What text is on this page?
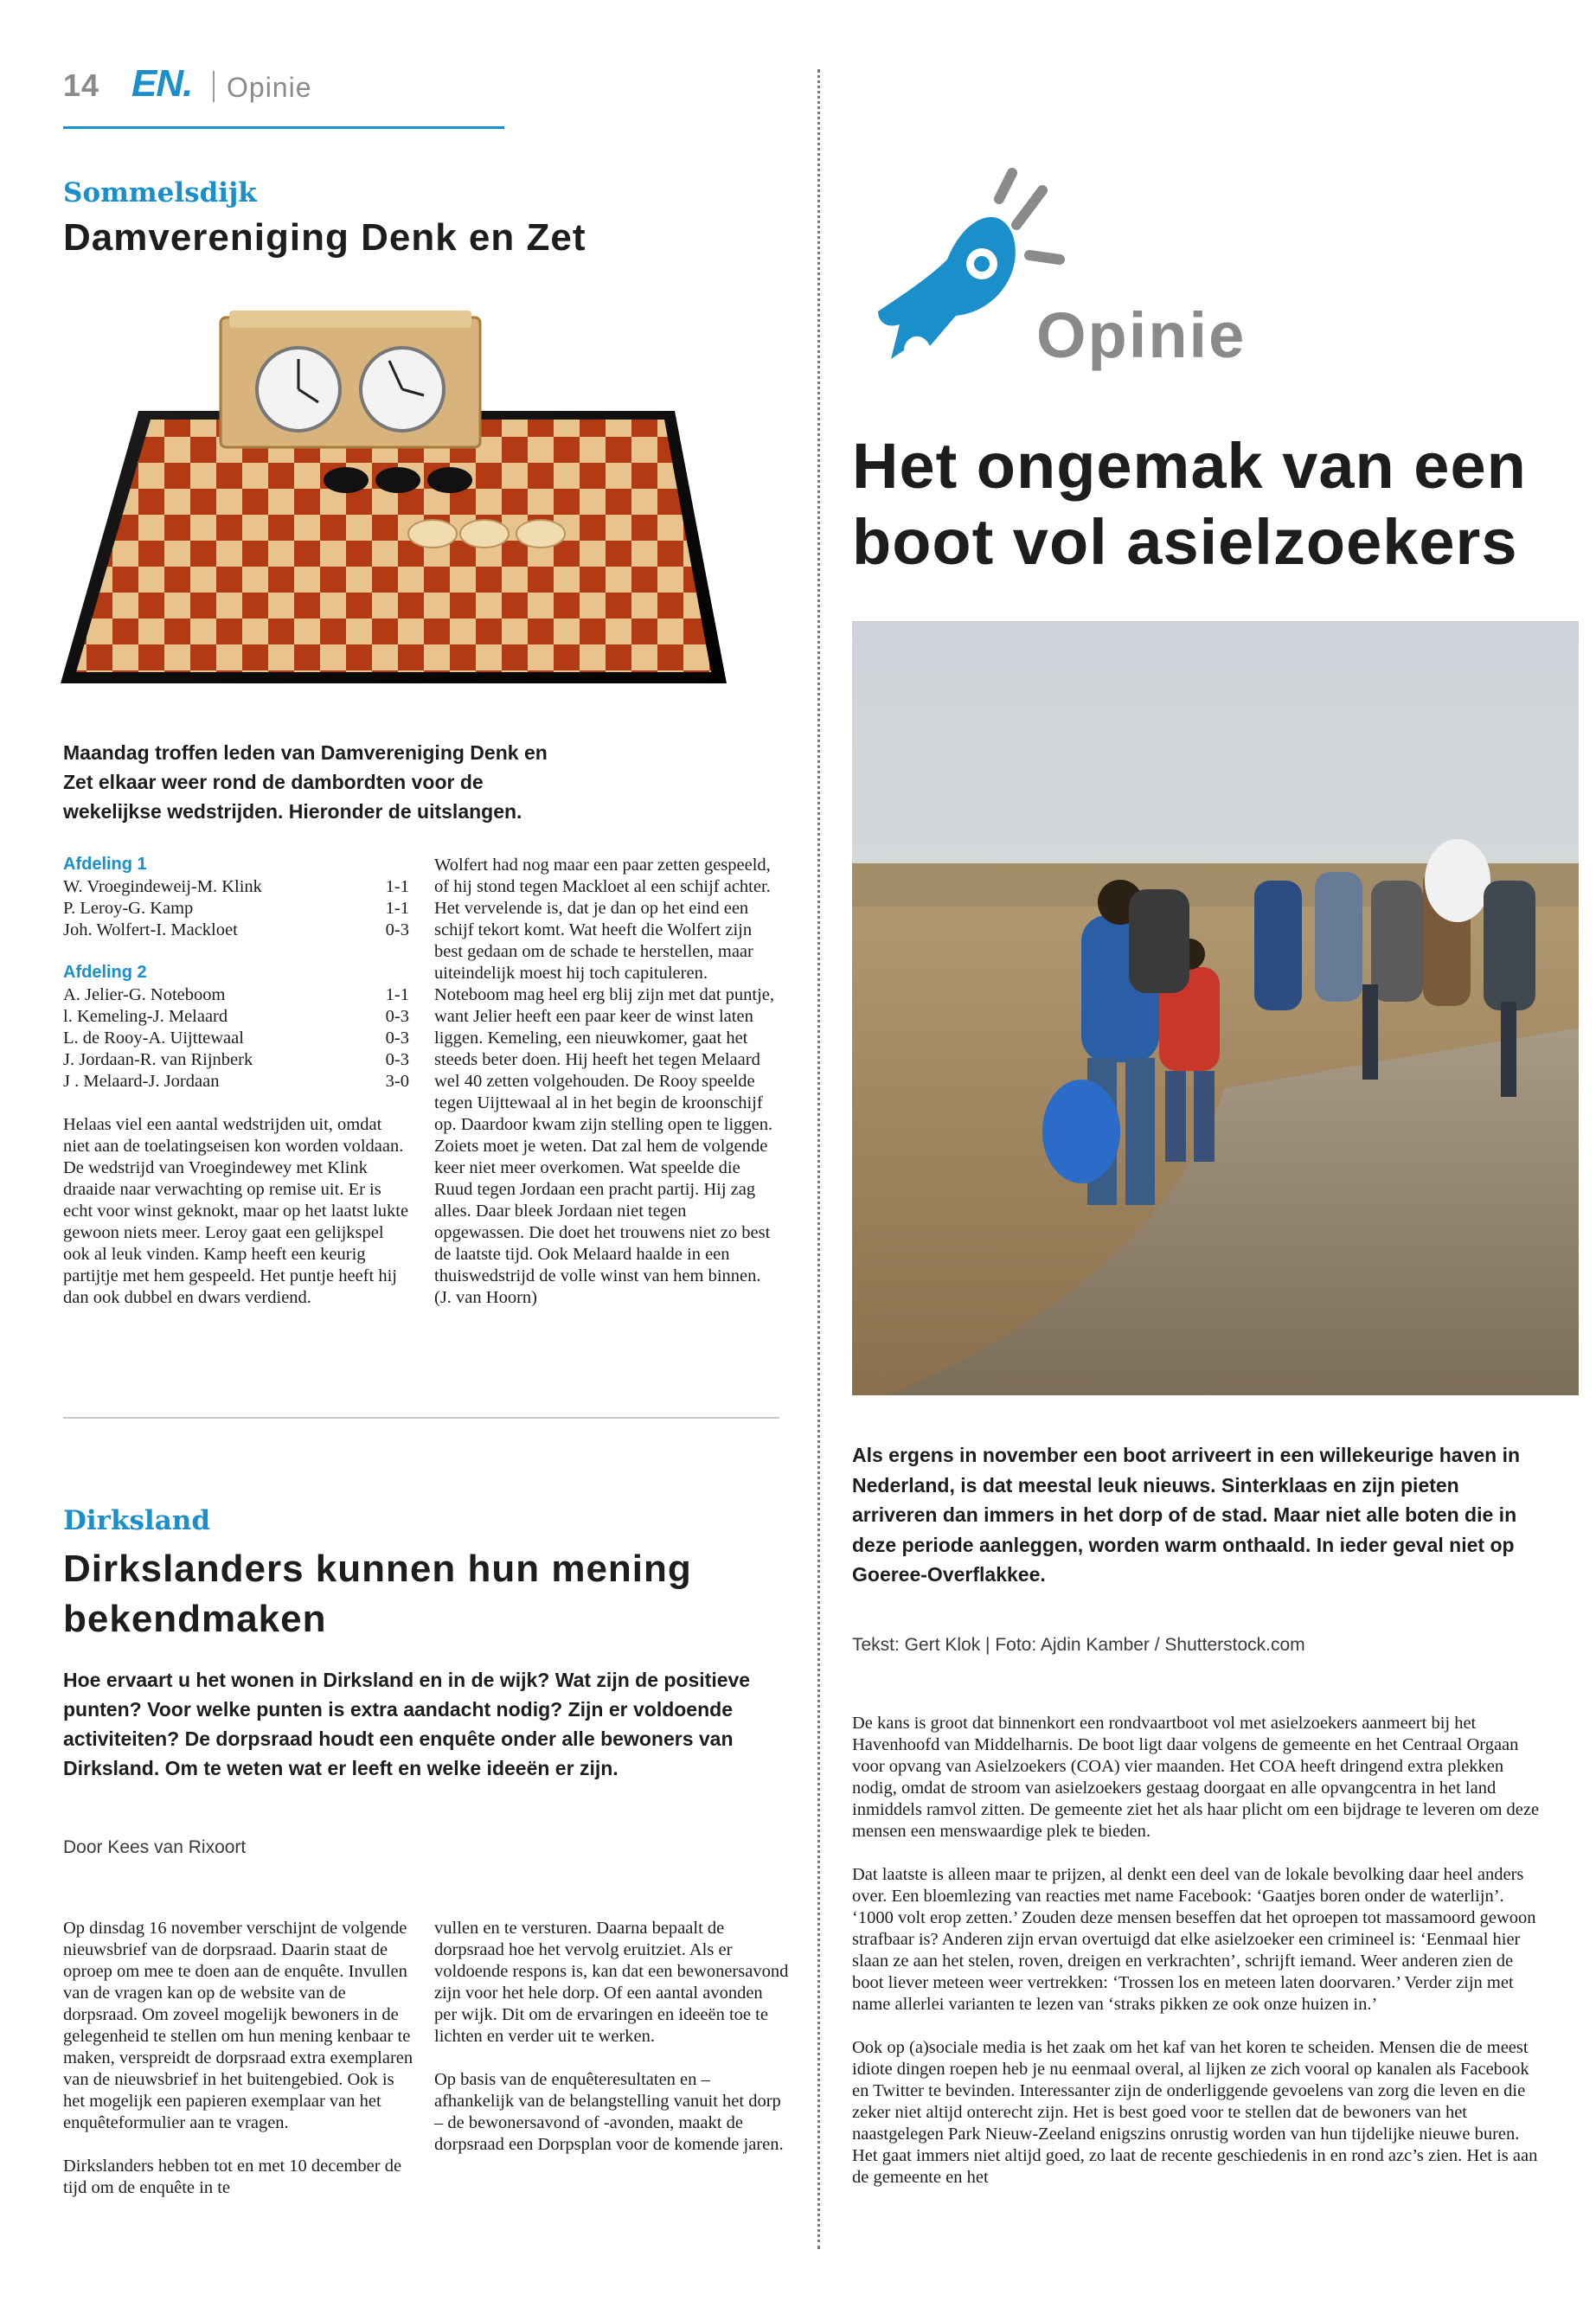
14 EN. Opinie
Sommelsdijk
Damvereniging Denk en Zet
Maandag troffen leden van Damvereniging Denk en Zet elkaar weer rond de dambordten voor de wekelijkse wedstrijden. Hieronder de uitslangen.
Afdeling 1
W. Vroegindeweij-M. Klink	1-1
P. Leroy-G. Kamp	1-1
Joh. Wolfert-I. Mackloet	0-3
Afdeling 2
A. Jelier-G. Noteboom	1-1
l. Kemeling-J. Melaard	0-3
L. de Rooy-A. Uijttewaal	0-3
J. Jordaan-R. van Rijnberk	0-3
J . Melaard-J. Jordaan	3-0
Helaas viel een aantal wedstrijden uit, omdat niet aan de toelatingseisen kon worden voldaan. De wedstrijd van Vroegindewey met Klink draaide naar verwachting op remise uit. Er is echt voor winst geknokt, maar op het laatst lukte gewoon niets meer. Leroy gaat een gelijkspel ook al leuk vinden. Kamp heeft een keurig partijtje met hem gespeeld. Het puntje heeft hij dan ook dubbel en dwars verdiend.
Wolfert had nog maar een paar zetten gespeeld, of hij stond tegen Mackloet al een schijf achter. Het vervelende is, dat je dan op het eind een schijf tekort komt. Wat heeft die Wolfert zijn best gedaan om de schade te herstellen, maar uiteindelijk moest hij toch capituleren. Noteboom mag heel erg blij zijn met dat puntje, want Jelier heeft een paar keer de winst laten liggen. Kemeling, een nieuwkomer, gaat het steeds beter doen. Hij heeft het tegen Melaard wel 40 zetten volgehouden. De Rooy speelde tegen Uijttewaal al in het begin de kroonschijf op. Daardoor kwam zijn stelling open te liggen. Zoiets moet je weten. Dat zal hem de volgende keer niet meer overkomen. Wat speelde die Ruud tegen Jordaan een pracht partij. Hij zag alles. Daar bleek Jordaan niet tegen opgewassen. Die doet het trouwens niet zo best de laatste tijd. Ook Melaard haalde in een thuiswedstrijd de volle winst van hem binnen. (J. van Hoorn)
Dirksland
Dirkslanders kunnen hun mening bekendmaken
Hoe ervaart u het wonen in Dirksland en in de wijk? Wat zijn de positieve punten? Voor welke punten is extra aandacht nodig? Zijn er voldoende activiteiten? De dorpsraad houdt een enquête onder alle bewoners van Dirksland. Om te weten wat er leeft en welke ideeën er zijn.
Door Kees van Rixoort

Op dinsdag 16 november verschijnt de volgende nieuwsbrief van de dorpsraad. Daarin staat de oproep om mee te doen aan de enquête. Invullen van de vragen kan op de website van de dorpsraad. Om zoveel mogelijk bewoners in de gelegenheid te stellen om hun mening kenbaar te maken, verspreidt de dorpsraad extra exemplaren van de nieuwsbrief in het buitengebied. Ook is het mogelijk een papieren exemplaar van het enquêteformulier aan te vragen.

Dirkslanders hebben tot en met 10 december de tijd om de enquête in te

vullen en te versturen. Daarna bepaalt de dorpsraad hoe het vervolg eruitziet. Als er voldoende respons is, kan dat een bewonersavond zijn voor het hele dorp. Of een aantal avonden per wijk. Dit om de ervaringen en ideeën toe te lichten en verder uit te werken.

Op basis van de enquêteresultaten en – afhankelijk van de belangstelling vanuit het dorp – de bewonersavond of -avonden, maakt de dorpsraad een Dorpsplan voor de komende jaren.

Opinie
Het ongemak van een boot vol asielzoekers
Als ergens in november een boot arriveert in een willekeurige haven in Nederland, is dat meestal leuk nieuws. Sinterklaas en zijn pieten arriveren dan immers in het dorp of de stad. Maar niet alle boten die in deze periode aanleggen, worden warm onthaald. In ieder geval niet op Goeree-Overflakkee.
Tekst: Gert Klok | Foto: Ajdin Kamber / Shutterstock.com

De kans is groot dat binnenkort een rondvaartboot vol met asielzoekers aanmeert bij het Havenhoofd van Middelharnis. De boot ligt daar volgens de gemeente en het Centraal Orgaan voor opvang van Asielzoekers (COA) vier maanden. Het COA heeft dringend extra plekken nodig, omdat de stroom van asielzoekers gestaag doorgaat en alle opvangcentra in het land inmiddels ramvol zitten. De gemeente ziet het als haar plicht om een bijdrage te leveren om deze mensen een menswaardige plek te bieden.

Dat laatste is alleen maar te prijzen, al denkt een deel van de lokale bevolking daar heel anders over. Een bloemlezing van reacties met name Facebook: ‘Gaatjes boren onder de waterlijn’. ‘1000 volt erop zetten.’ Zouden deze mensen beseffen dat het oproepen tot massamoord gewoon strafbaar is? Anderen zijn ervan overtuigd dat elke asielzoeker een crimineel is: ‘Eenmaal hier slaan ze aan het stelen, roven, dreigen en verkrachten’, schrijft iemand. Weer anderen zien de boot liever meteen weer vertrekken: ‘Trossen los en meteen laten doorvaren.’ Verder zijn met name allerlei varianten te lezen van ‘straks pikken ze ook onze huizen in.’

Ook op (a)sociale media is het zaak om het kaf van het koren te scheiden. Mensen die de meest idiote dingen roepen heb je nu eenmaal overal, al lijken ze zich vooral op kanalen als Facebook en Twitter te bevinden. Interessanter zijn de onderliggende gevoelens van zorg die leven en die zeker niet altijd onterecht zijn. Het is best goed voor te stellen dat de bewoners van het naastgelegen Park Nieuw-Zeeland enigszins onrustig worden van hun tijdelijke nieuwe buren. Het gaat immers niet altijd goed, zo laat de recente geschiedenis in en rond azc’s zien. Het is aan de gemeente en het
